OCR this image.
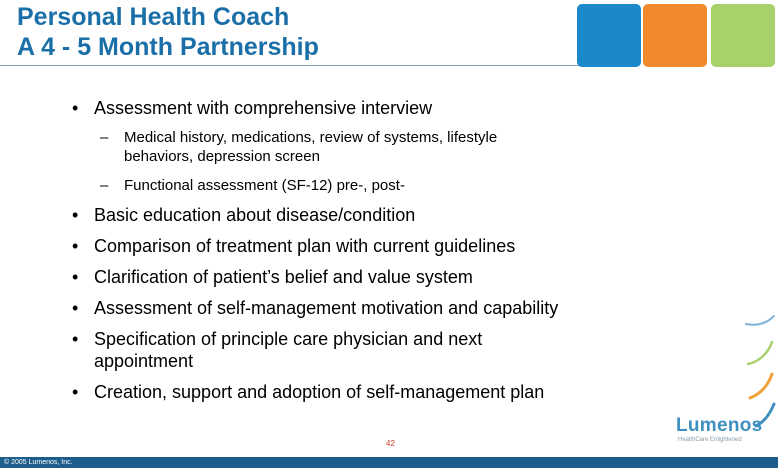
Personal Health Coach
A 4 - 5 Month Partnership
• Assessment with comprehensive interview
– Medical history, medications, review of systems, lifestyle
behaviors, depression screen
– Functional assessment (SF-12) pre-, post-
• Basic education about disease/condition
• Comparison of treatment plan with current guidelines
• Clarification of patient’s belief and value system
• Assessment of self-management motivation and capability
• Specification of principle care physician and next
appointment
• Creation, support and adoption of self-management plan
Lumenos
HealthCare Enlightened
42
© 2005 Lumenos, Inc.
